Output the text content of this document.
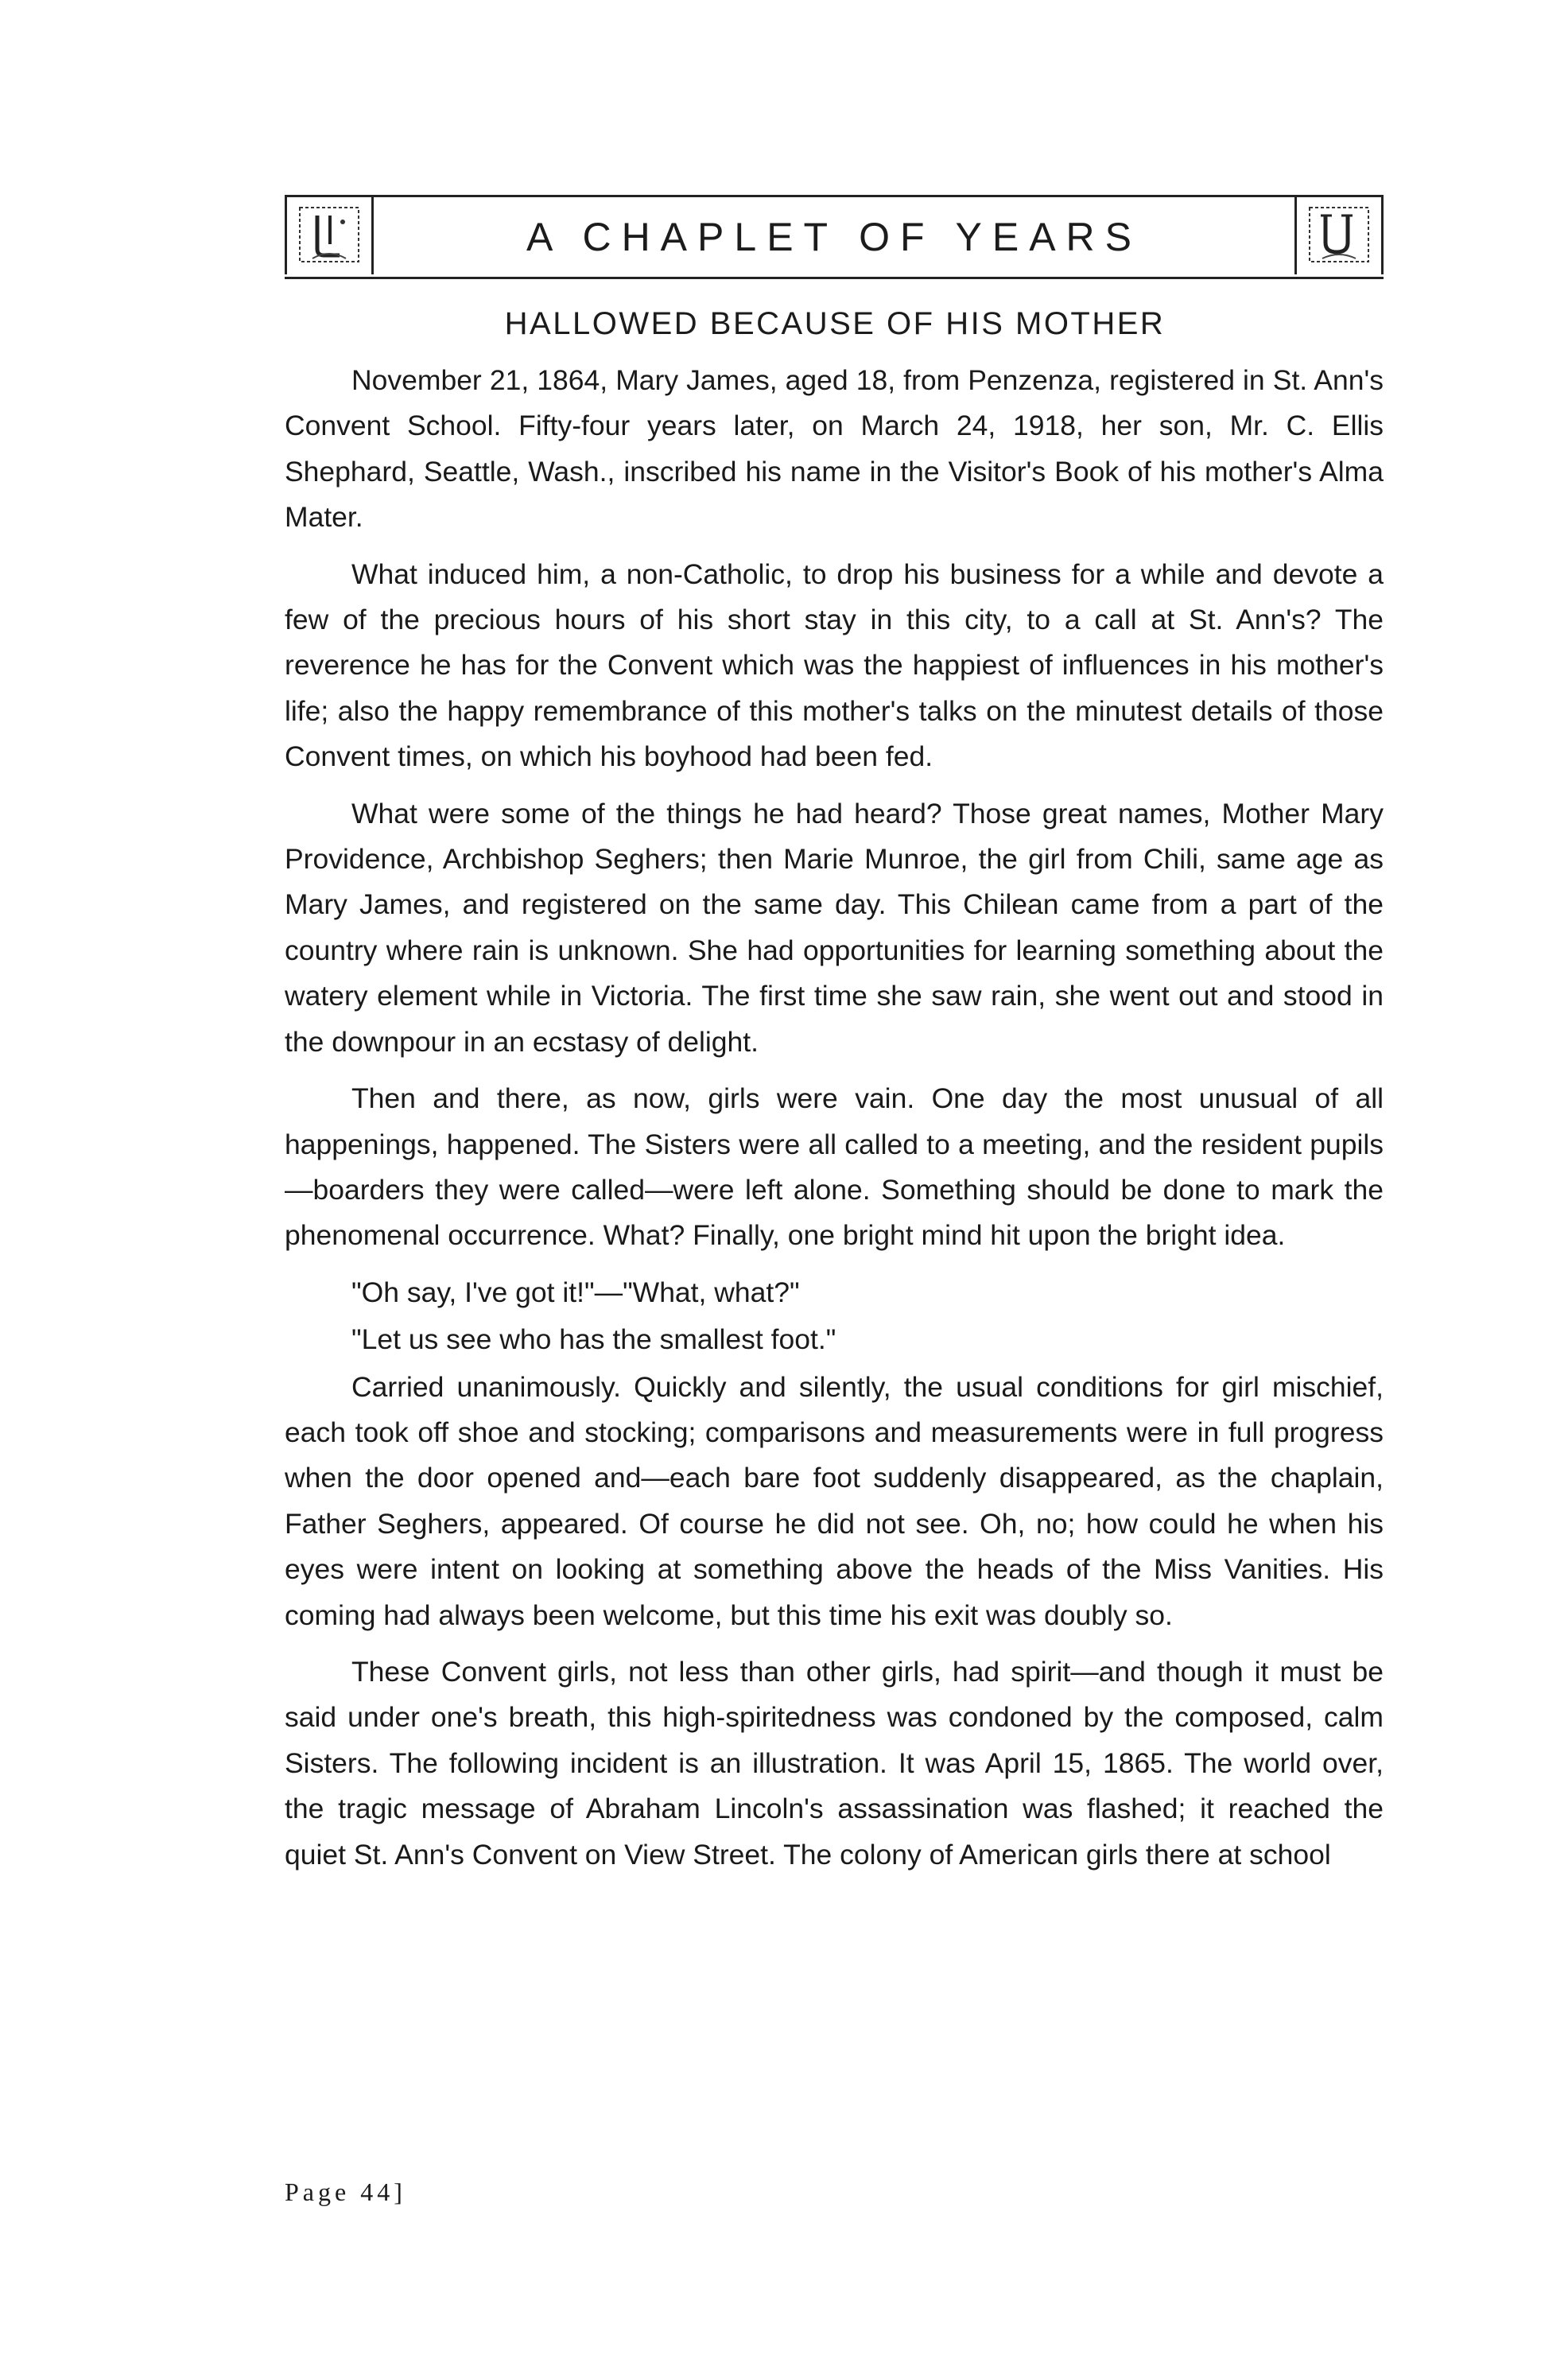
A CHAPLET OF YEARS
HALLOWED BECAUSE OF HIS MOTHER

November 21, 1864, Mary James, aged 18, from Penzenza, registered in St. Ann's Convent School. Fifty-four years later, on March 24, 1918, her son, Mr. C. Ellis Shephard, Seattle, Wash., inscribed his name in the Visitor's Book of his mother's Alma Mater.

What induced him, a non-Catholic, to drop his business for a while and devote a few of the precious hours of his short stay in this city, to a call at St. Ann's? The reverence he has for the Convent which was the happiest of influences in his mother's life; also the happy remembrance of this mother's talks on the minutest details of those Convent times, on which his boyhood had been fed.

What were some of the things he had heard? Those great names, Mother Mary Providence, Archbishop Seghers; then Marie Munroe, the girl from Chili, same age as Mary James, and registered on the same day. This Chilean came from a part of the country where rain is unknown. She had opportunities for learning something about the watery element while in Victoria. The first time she saw rain, she went out and stood in the downpour in an ecstasy of delight.

Then and there, as now, girls were vain. One day the most unusual of all happenings, happened. The Sisters were all called to a meeting, and the resident pupils—boarders they were called—were left alone. Something should be done to mark the phenomenal occurrence. What? Finally, one bright mind hit upon the bright idea.

"Oh say, I've got it!"—"What, what?"

"Let us see who has the smallest foot."

Carried unanimously. Quickly and silently, the usual conditions for girl mischief, each took off shoe and stocking; comparisons and measurements were in full progress when the door opened and—each bare foot suddenly disappeared, as the chaplain, Father Seghers, appeared. Of course he did not see. Oh, no; how could he when his eyes were intent on looking at something above the heads of the Miss Vanities. His coming had always been welcome, but this time his exit was doubly so.

These Convent girls, not less than other girls, had spirit—and though it must be said under one's breath, this high-spiritedness was condoned by the composed, calm Sisters. The following incident is an illustration. It was April 15, 1865. The world over, the tragic message of Abraham Lincoln's assassination was flashed; it reached the quiet St. Ann's Convent on View Street. The colony of American girls there at school

Page 44]
